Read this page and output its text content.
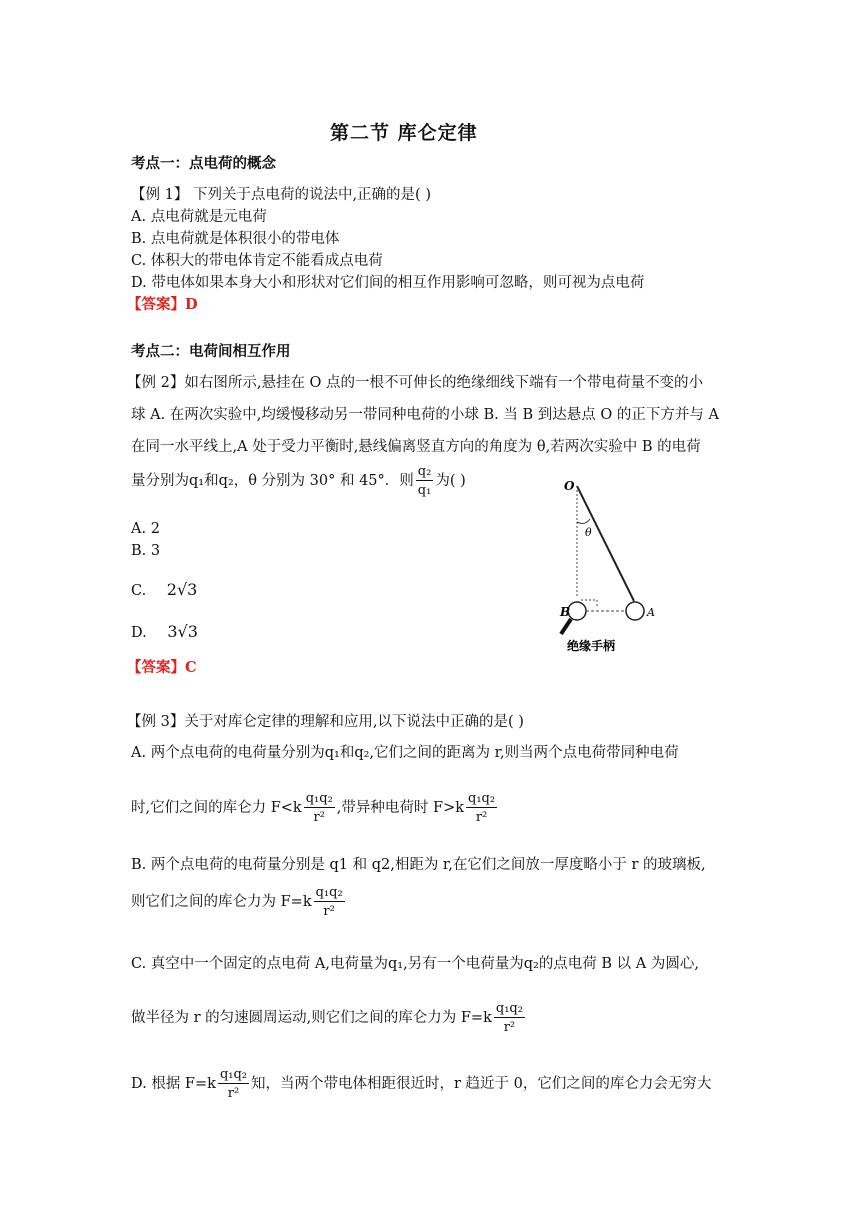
第二节 库仑定律
考点一：点电荷的概念
【例 1】 下列关于点电荷的说法中,正确的是( )
A. 点电荷就是元电荷
B. 点电荷就是体积很小的带电体
C. 体积大的带电体肯定不能看成点电荷
D. 带电体如果本身大小和形状对它们间的相互作用影响可忽略，则可视为点电荷
【答案】D
考点二：电荷间相互作用
【例 2】如右图所示,悬挂在 O 点的一根不可伸长的绝缘细线下端有一个带电荷量不变的小
球 A. 在两次实验中,均缓慢移动另一带同种电荷的小球 B. 当 B 到达悬点 O 的正下方并与 A
在同一水平线上,A 处于受力平衡时,悬线偏离竖直方向的角度为 θ,若两次实验中 B 的电荷
量分别为q₁和q₂，θ 分别为 30° 和 45°．则 $\frac{\text{q₂}}{\text{q₁}}$ 为( )
A. 2
B. 3
C. 2√3
D. 3√3
【答案】C
O
θ
B	A
绝缘手柄
【例 3】关于对库仑定律的理解和应用,以下说法中正确的是( )
A. 两个点电荷的电荷量分别为q₁和q₂,它们之间的距离为 r,则当两个点电荷带同种电荷
时,它们之间的库仑力 $F<k \frac{\text{q₁q₂}}{\text{r²}}$ ,带异种电荷时 $F>k \frac{\text{q₁q₂}}{\text{r²}}$
B. 两个点电荷的电荷量分别是 q1 和 q2,相距为 r,在它们之间放一厚度略小于 r 的玻璃板,
则它们之间的库仑力为 $F=k \frac{\text{q₁q₂}}{\text{r²}}$
C. 真空中一个固定的点电荷 A,电荷量为q₁,另有一个电荷量为q₂的点电荷 B 以 A 为圆心,
做半径为 r 的匀速圆周运动,则它们之间的库仑力为 $F=k \frac{\text{q₁q₂}}{\text{r²}}$
D. 根据 $F=k \frac{\text{q₁q₂}}{\text{r²}}$ 知，当两个带电体相距很近时，r 趋近于 0，它们之间的库仑力会无穷大
